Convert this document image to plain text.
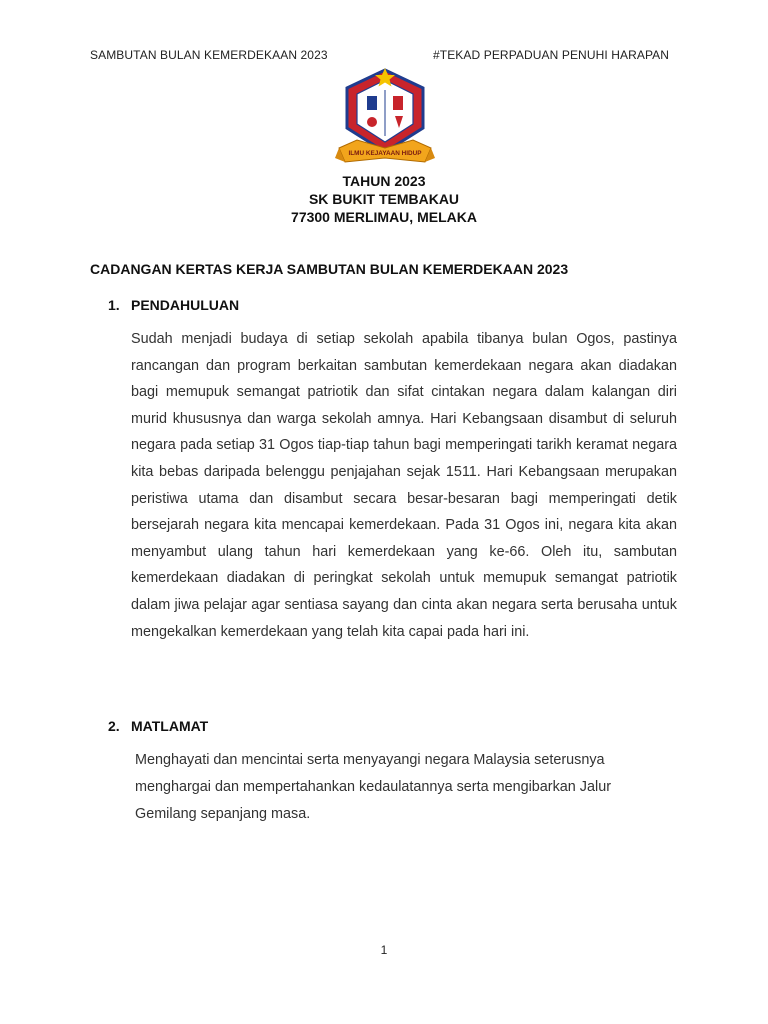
SAMBUTAN BULAN KEMERDEKAAN 2023	#TEKAD PERPADUAN PENUHI HARAPAN
ILMU KEJAYAAN HIDUP
TAHUN 2023
SK BUKIT TEMBAKAU
77300 MERLIMAU, MELAKA
CADANGAN KERTAS KERJA SAMBUTAN BULAN KEMERDEKAAN 2023
1. PENDAHULUAN

Sudah menjadi budaya di setiap sekolah apabila tibanya bulan Ogos, pastinya rancangan dan program berkaitan sambutan kemerdekaan negara akan diadakan bagi memupuk semangat patriotik dan sifat cintakan negara dalam kalangan diri murid khususnya dan warga sekolah amnya. Hari Kebangsaan disambut di seluruh negara pada setiap 31 Ogos tiap-tiap tahun bagi memperingati tarikh keramat negara kita bebas daripada belenggu penjajahan sejak 1511. Hari Kebangsaan merupakan peristiwa utama dan disambut secara besar-besaran bagi memperingati detik bersejarah negara kita mencapai kemerdekaan. Pada 31 Ogos ini, negara kita akan menyambut ulang tahun hari kemerdekaan yang ke-66. Oleh itu, sambutan kemerdekaan diadakan di peringkat sekolah untuk memupuk semangat patriotik dalam jiwa pelajar agar sentiasa sayang dan cinta akan negara serta berusaha untuk mengekalkan kemerdekaan yang telah kita capai pada hari ini.

2. MATLAMAT
Menghayati dan mencintai serta menyayangi negara Malaysia seterusnya
menghargai dan mempertahankan kedaulatannya serta mengibarkan Jalur
Gemilang sepanjang masa.
1
